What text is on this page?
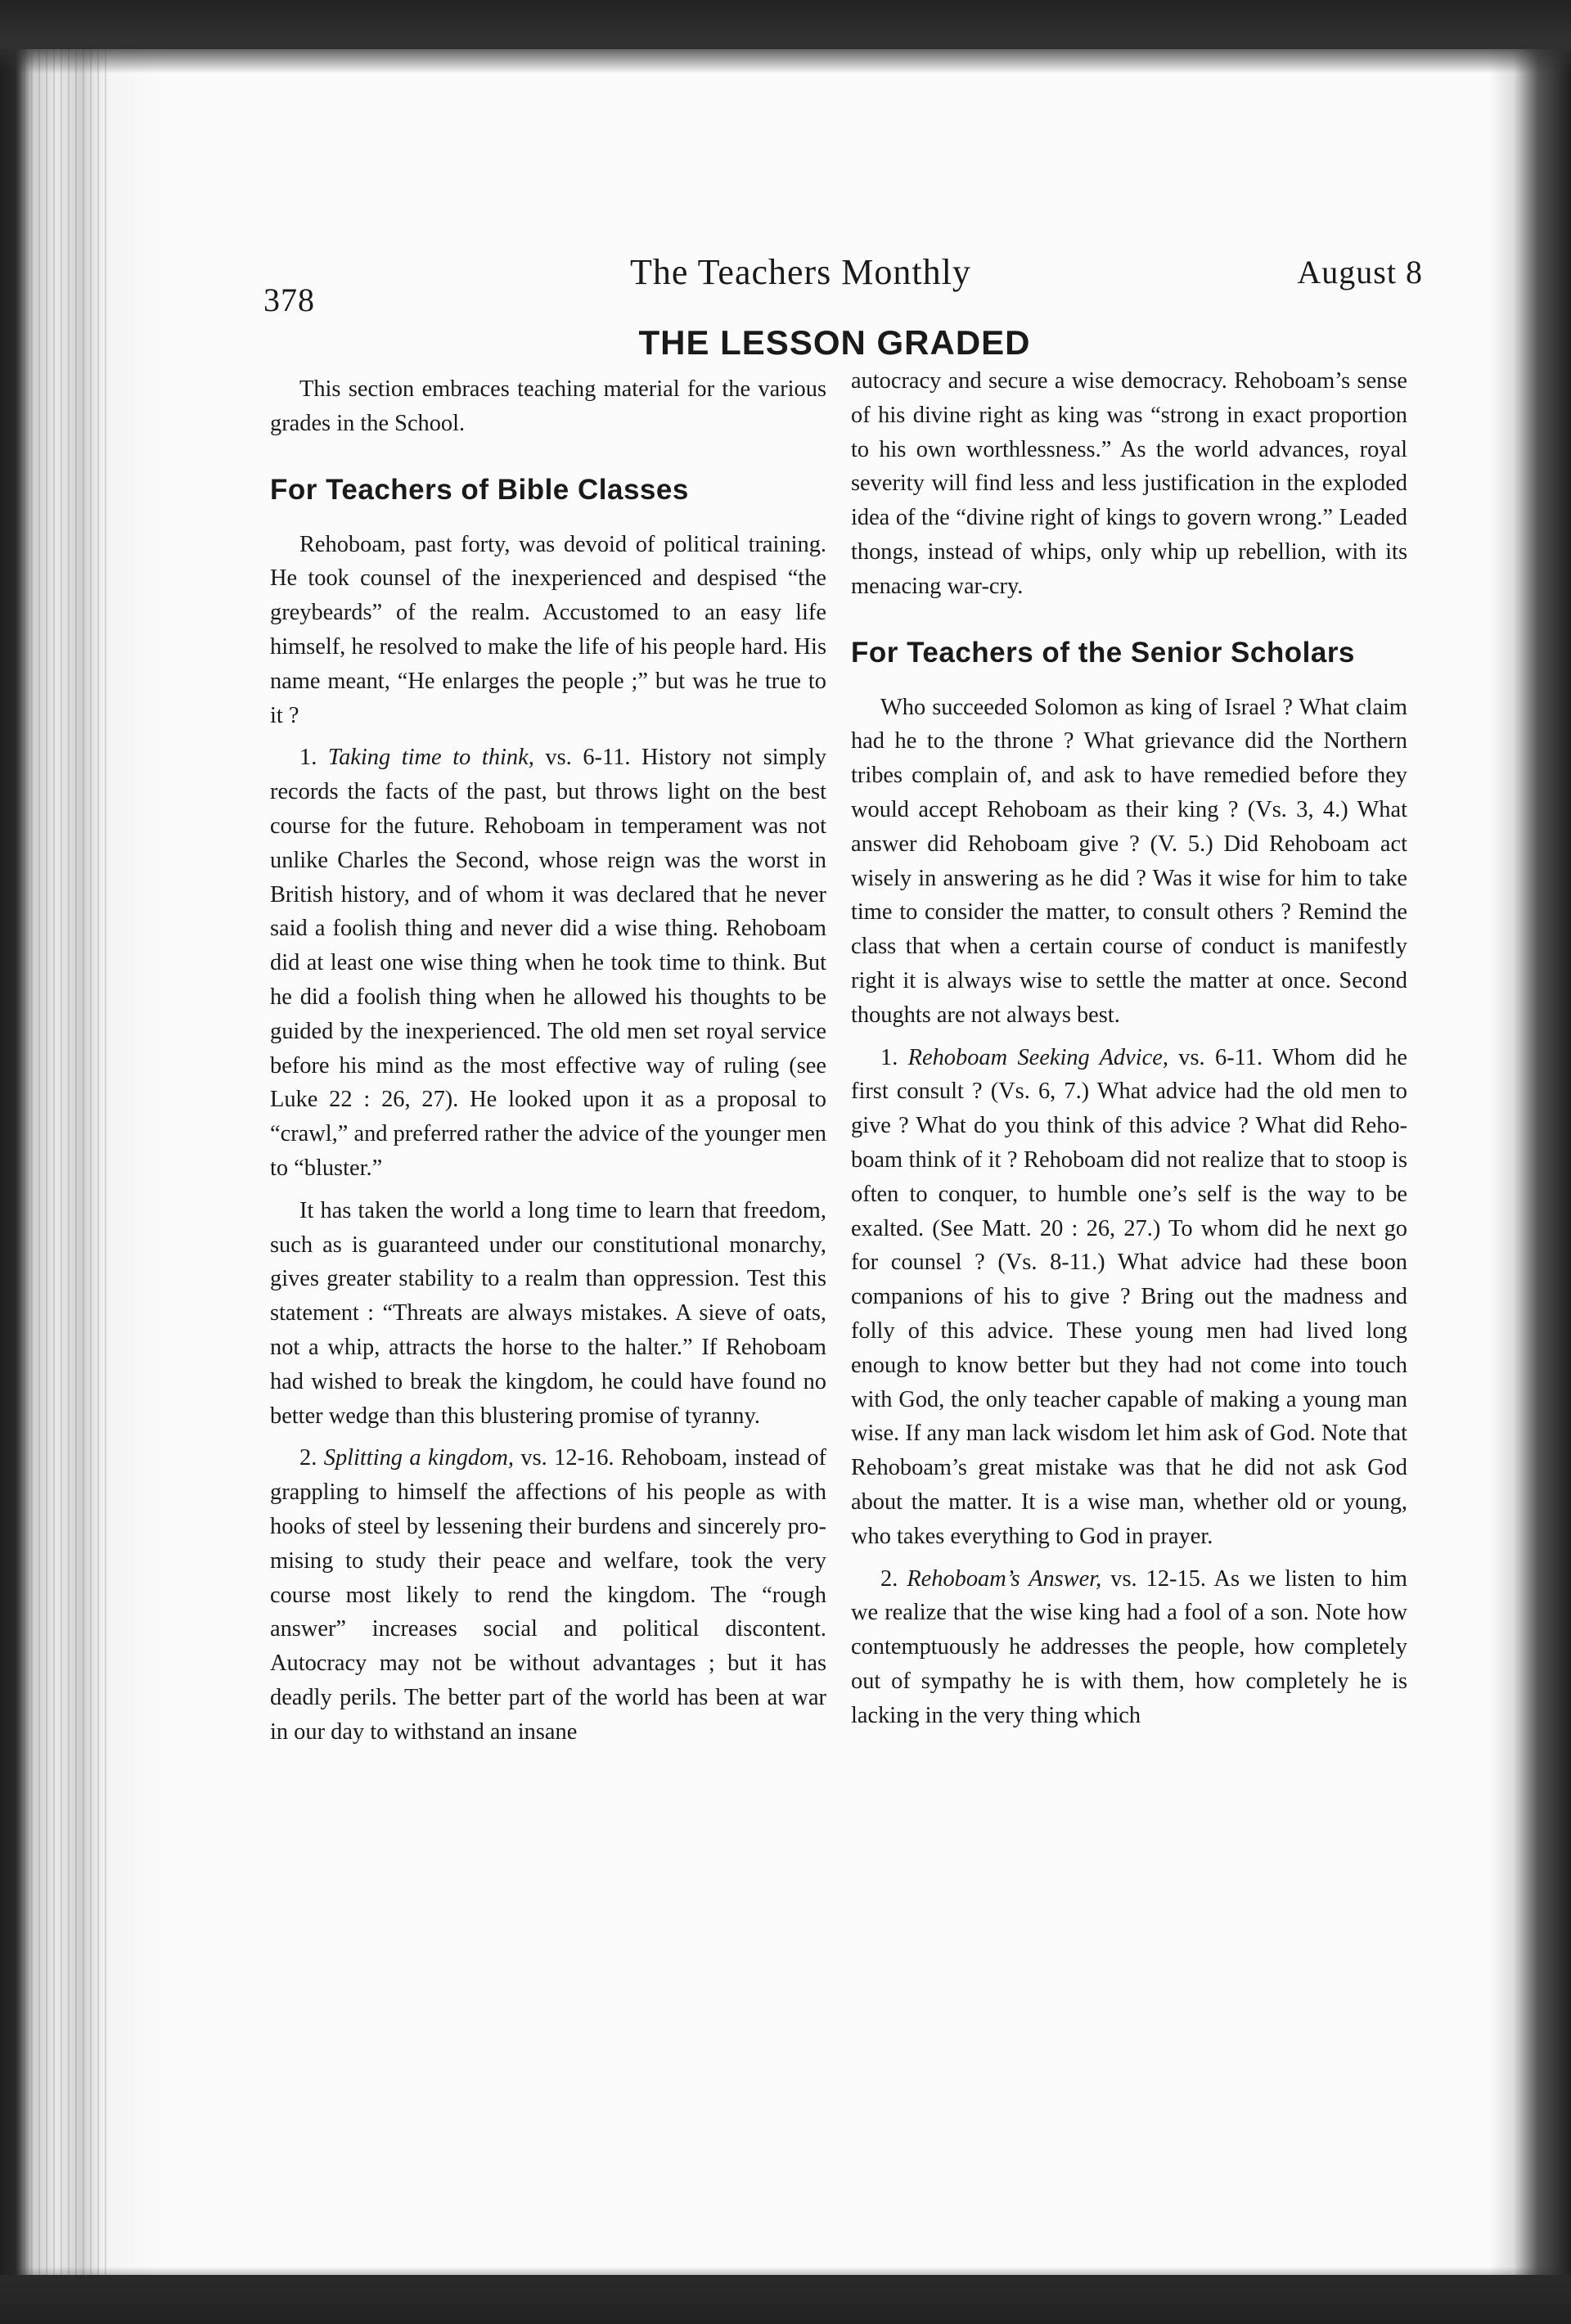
378
The Teachers Monthly	August 8
THE LESSON GRADED

This section embraces teaching material for the various grades in the School.

For Teachers of Bible Classes

Rehoboam, past forty, was devoid of political training. He took counsel of the inexperienced and despised “the greybeards” of the realm. Accustomed to an easy life himself, he resolved to make the life of his people hard. His name meant, “He enlarges the people ;” but was he true to it ?

1. Taking time to think, vs. 6-11. History not simply records the facts of the past, but throws light on the best course for the future. Rehoboam in temperament was not unlike Charles the Second, whose reign was the worst in British history, and of whom it was declared that he never said a foolish thing and never did a wise thing. Rehoboam did at least one wise thing when he took time to think. But he did a foolish thing when he allowed his thoughts to be guided by the inexperienced. The old men set royal service before his mind as the most effective way of ruling (see Luke 22 : 26, 27). He looked upon it as a proposal to “crawl,” and preferred rather the advice of the younger men to “bluster.”

It has taken the world a long time to learn that freedom, such as is guaranteed under our constitutional monarchy, gives greater stability to a realm than oppression. Test this statement : “Threats are always mistakes. A sieve of oats, not a whip, attracts the horse to the halter.” If Rehoboam had wished to break the kingdom, he could have found no better wedge than this blustering promise of tyranny.

2. Splitting a kingdom, vs. 12-16. Rehoboam, instead of grappling to himself the affections of his people as with hooks of steel by lessening their burdens and sincerely promising to study their peace and welfare, took the very course most likely to rend the kingdom. The “rough answer” increases social and political discontent. Autocracy may not be without advantages ; but it has deadly perils. The better part of the world has been at war in our day to withstand an insane

autocracy and secure a wise democracy. Rehoboam’s sense of his divine right as king was “strong in exact proportion to his own worthlessness.” As the world advances, royal severity will find less and less justification in the exploded idea of the “divine right of kings to govern wrong.” Leaded thongs, instead of whips, only whip up rebellion, with its menacing war-cry.

For Teachers of the Senior Scholars

Who succeeded Solomon as king of Israel ? What claim had he to the throne ? What grievance did the Northern tribes complain of, and ask to have remedied before they would accept Rehoboam as their king ? (Vs. 3, 4.) What answer did Rehoboam give ? (V. 5.) Did Rehoboam act wisely in answering as he did ? Was it wise for him to take time to consider the matter, to consult others ? Remind the class that when a certain course of conduct is manifestly right it is always wise to settle the matter at once. Second thoughts are not always best.

1. Rehoboam Seeking Advice, vs. 6-11. Whom did he first consult ? (Vs. 6, 7.) What advice had the old men to give ? What do you think of this advice ? What did Rehoboam think of it ? Rehoboam did not realize that to stoop is often to conquer, to humble one’s self is the way to be exalted. (See Matt. 20 : 26, 27.) To whom did he next go for counsel ? (Vs. 8-11.) What advice had these boon companions of his to give ? Bring out the madness and folly of this advice. These young men had lived long enough to know better but they had not come into touch with God, the only teacher capable of making a young man wise. If any man lack wisdom let him ask of God. Note that Rehoboam’s great mistake was that he did not ask God about the matter. It is a wise man, whether old or young, who takes everything to God in prayer.

2. Rehoboam’s Answer, vs. 12-15. As we listen to him we realize that the wise king had a fool of a son. Note how contemptuously he addresses the people, how completely out of sympathy he is with them, how completely he is lacking in the very thing which
